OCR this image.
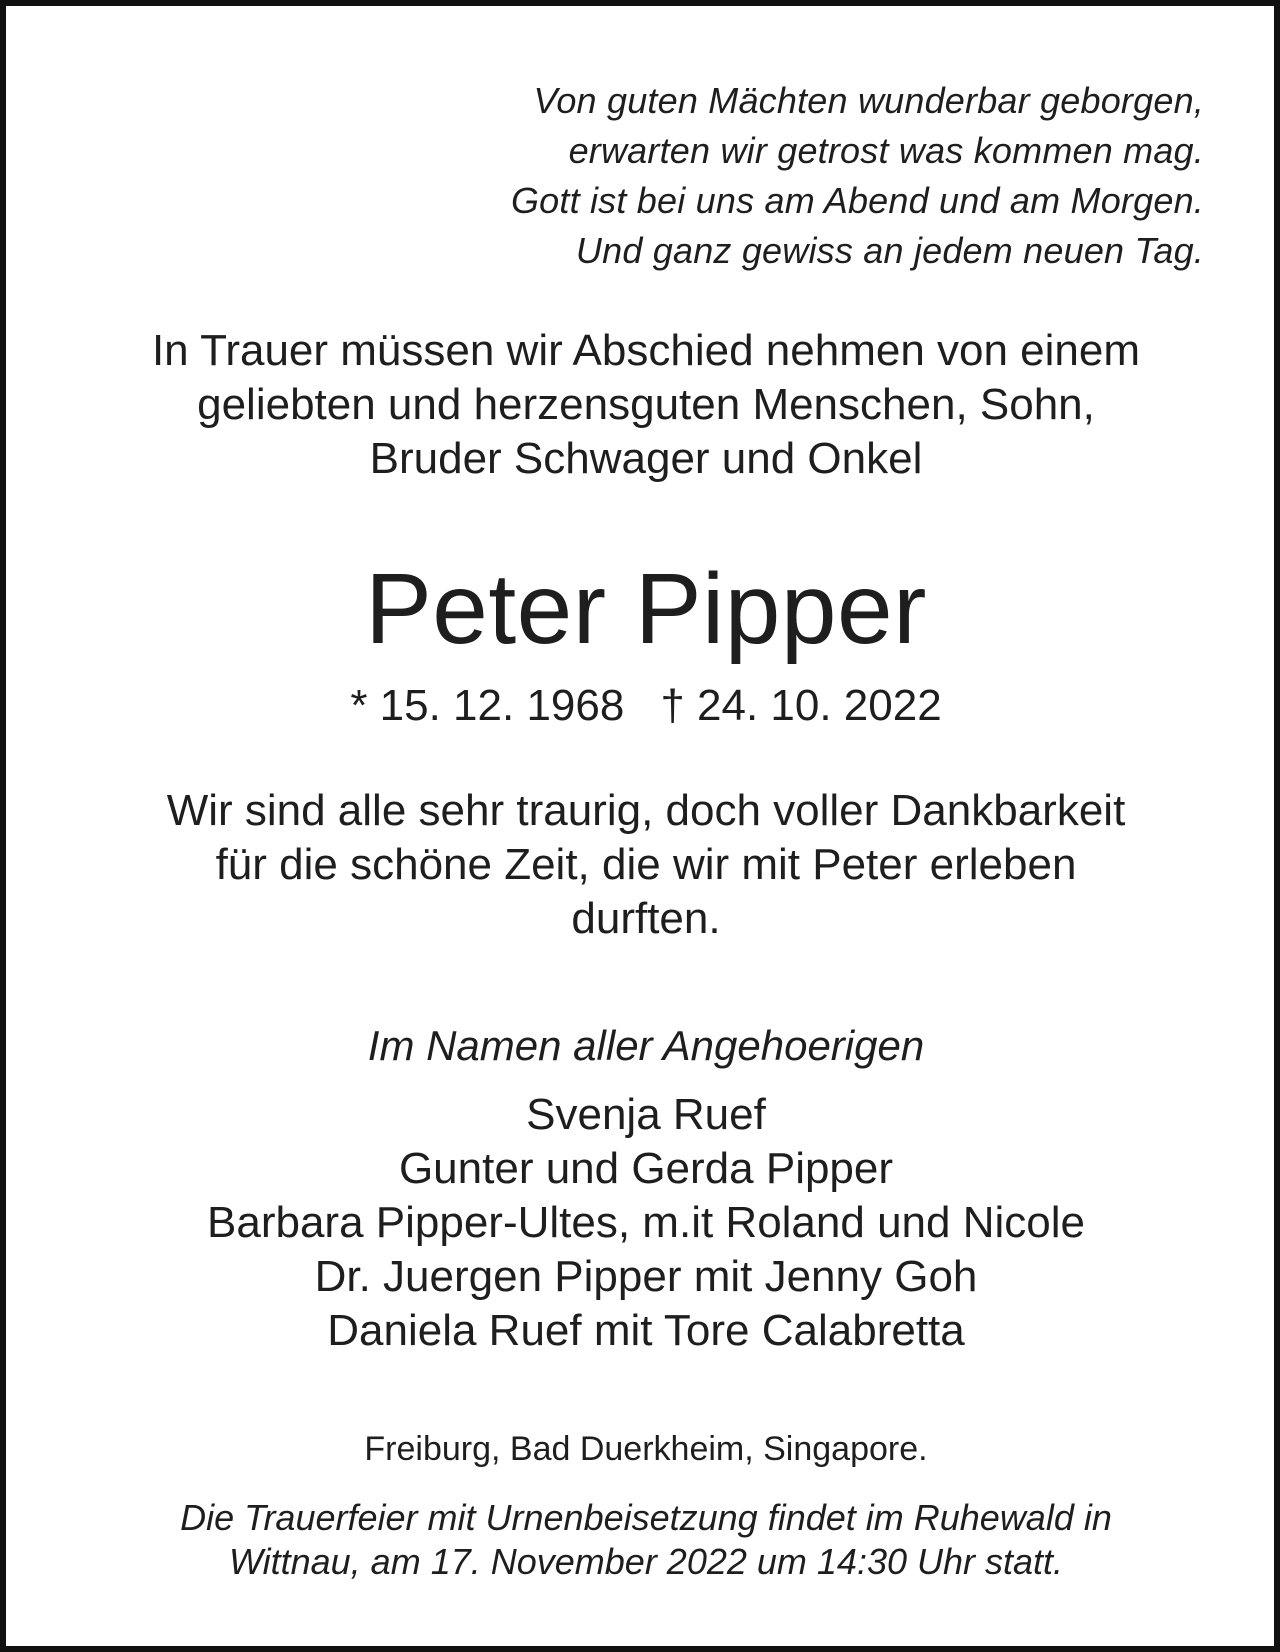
Von guten Mächten wunderbar geborgen,
erwarten wir getrost was kommen mag.
Gott ist bei uns am Abend und am Morgen.
Und ganz gewiss an jedem neuen Tag.
In Trauer müssen wir Abschied nehmen von einem
geliebten und herzensguten Menschen, Sohn,
Bruder Schwager und Onkel
Peter Pipper
* 15. 12. 1968 † 24. 10. 2022
Wir sind alle sehr traurig, doch voller Dankbarkeit
für die schöne Zeit, die wir mit Peter erleben
durften.
Im Namen aller Angehoerigen
Svenja Ruef
Gunter und Gerda Pipper
Barbara Pipper-Ultes, m.it Roland und Nicole
Dr. Juergen Pipper mit Jenny Goh
Daniela Ruef mit Tore Calabretta
Freiburg, Bad Duerkheim, Singapore.
Die Trauerfeier mit Urnenbeisetzung findet im Ruhewald in
Wittnau, am 17. November 2022 um 14:30 Uhr statt.
